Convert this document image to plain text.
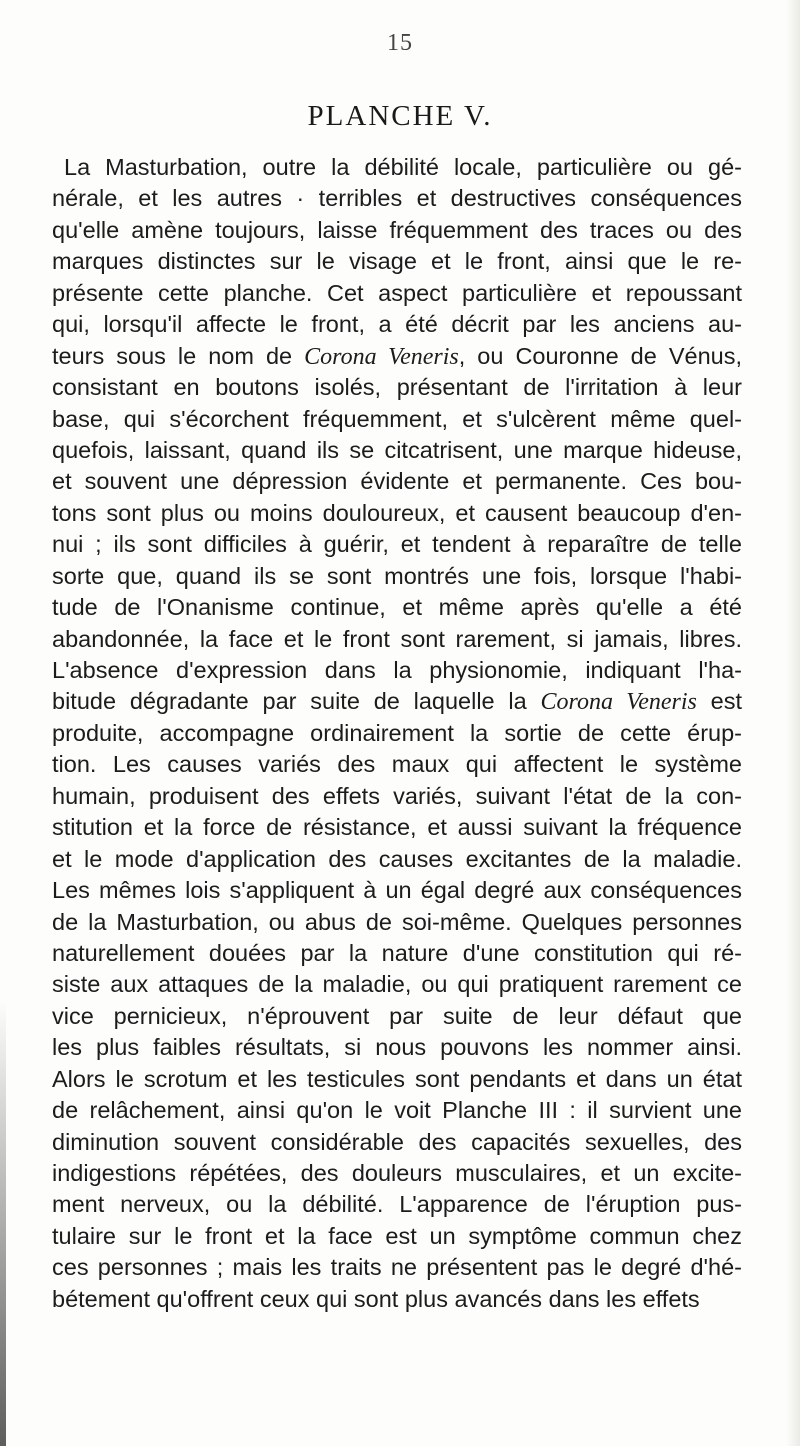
15
PLANCHE V.
La Masturbation, outre la débilité locale, particulière ou gé-
nérale, et les autres · terribles et destructives conséquences
qu'elle amène toujours, laisse fréquemment des traces ou des
marques distinctes sur le visage et le front, ainsi que le re-
présente cette planche. Cet aspect particulière et repoussant
qui, lorsqu'il affecte le front, a été décrit par les anciens au-
teurs sous le nom de Corona Veneris, ou Couronne de Vénus,
consistant en boutons isolés, présentant de l'irritation à leur
base, qui s'écorchent fréquemment, et s'ulcèrent même quel-
quefois, laissant, quand ils se citcatrisent, une marque hideuse,
et souvent une dépression évidente et permanente. Ces bou-
tons sont plus ou moins douloureux, et causent beaucoup d'en-
nui ; ils sont difficiles à guérir, et tendent à reparaître de telle
sorte que, quand ils se sont montrés une fois, lorsque l'habi-
tude de l'Onanisme continue, et même après qu'elle a été
abandonnée, la face et le front sont rarement, si jamais, libres.
L'absence d'expression dans la physionomie, indiquant l'ha-
bitude dégradante par suite de laquelle la Corona Veneris est
produite, accompagne ordinairement la sortie de cette érup-
tion. Les causes variés des maux qui affectent le système
humain, produisent des effets variés, suivant l'état de la con-
stitution et la force de résistance, et aussi suivant la fréquence
et le mode d'application des causes excitantes de la maladie.
Les mêmes lois s'appliquent à un égal degré aux conséquences
de la Masturbation, ou abus de soi-même. Quelques personnes
naturellement douées par la nature d'une constitution qui ré-
siste aux attaques de la maladie, ou qui pratiquent rarement ce
vice pernicieux, n'éprouvent par suite de leur défaut que
les plus faibles résultats, si nous pouvons les nommer ainsi.
Alors le scrotum et les testicules sont pendants et dans un état
de relâchement, ainsi qu'on le voit Planche III : il survient une
diminution souvent considérable des capacités sexuelles, des
indigestions répétées, des douleurs musculaires, et un excite-
ment nerveux, ou la débilité. L'apparence de l'éruption pus-
tulaire sur le front et la face est un symptôme commun chez
ces personnes ; mais les traits ne présentent pas le degré d'hé-
bétement qu'offrent ceux qui sont plus avancés dans les effets
